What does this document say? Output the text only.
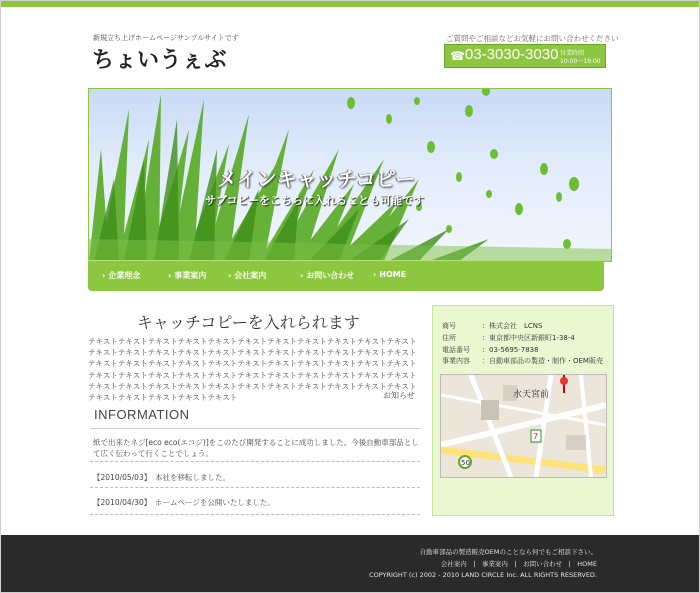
新規立ち上げホームページサンプルサイトです
ちょいうぇぶ
ご質問やご相談などお気軽にお問い合わせください
☎ 03-3030-3030 営業時間
10:00～19:00
メインキャッチコピー
サブコピーをこちらに入れることも可能です
› 企業理念	› 事業案内	› 会社案内	› お問い合わせ › HOME
キャッチコピーを入れられます

テキストテキストテキストテキストテキストテキストテキストテキストテキストテキストテキスト

テキストテキストテキストテキストテキストテキストテキストテキストテキストテキストテキスト

テキストテキストテキストテキストテキストテキストテキストテキストテキストテキストテキスト

テキストテキストテキストテキストテキストテキストテキストテキストテキストテキストテキスト

テキストテキストテキストテキストテキストテキストテキストテキストテキストテキストテキスト

テキストテキストテキストテキストテキスト	お知らせ
INFORMATION
紙で出来たネジ[eco eco(エコジ)]をこのたび開発することに成功しました。今後自動車部品として広く伝わって行くことでしょう。
【2010/05/03】　本社を移転しました。
【2010/04/30】　ホームページを公開いたしました。
商号	：株式会社　LCNS
住所	：東京都中央区新銀町1-38-4
電話番号 ：03-5695-7838
事業内容 ：自動車部品の製造・制作・OEM販売
50
7
水天宮前
自動車部品の製造販売OEMのことなら何でもご相談下さい。
会社案内　|　事業案内　|　お問い合わせ　|　HOME
COPYRIGHT (c) 2002 - 2010 LAND CIRCLE Inc. ALL RIGHTS RESERVED.
